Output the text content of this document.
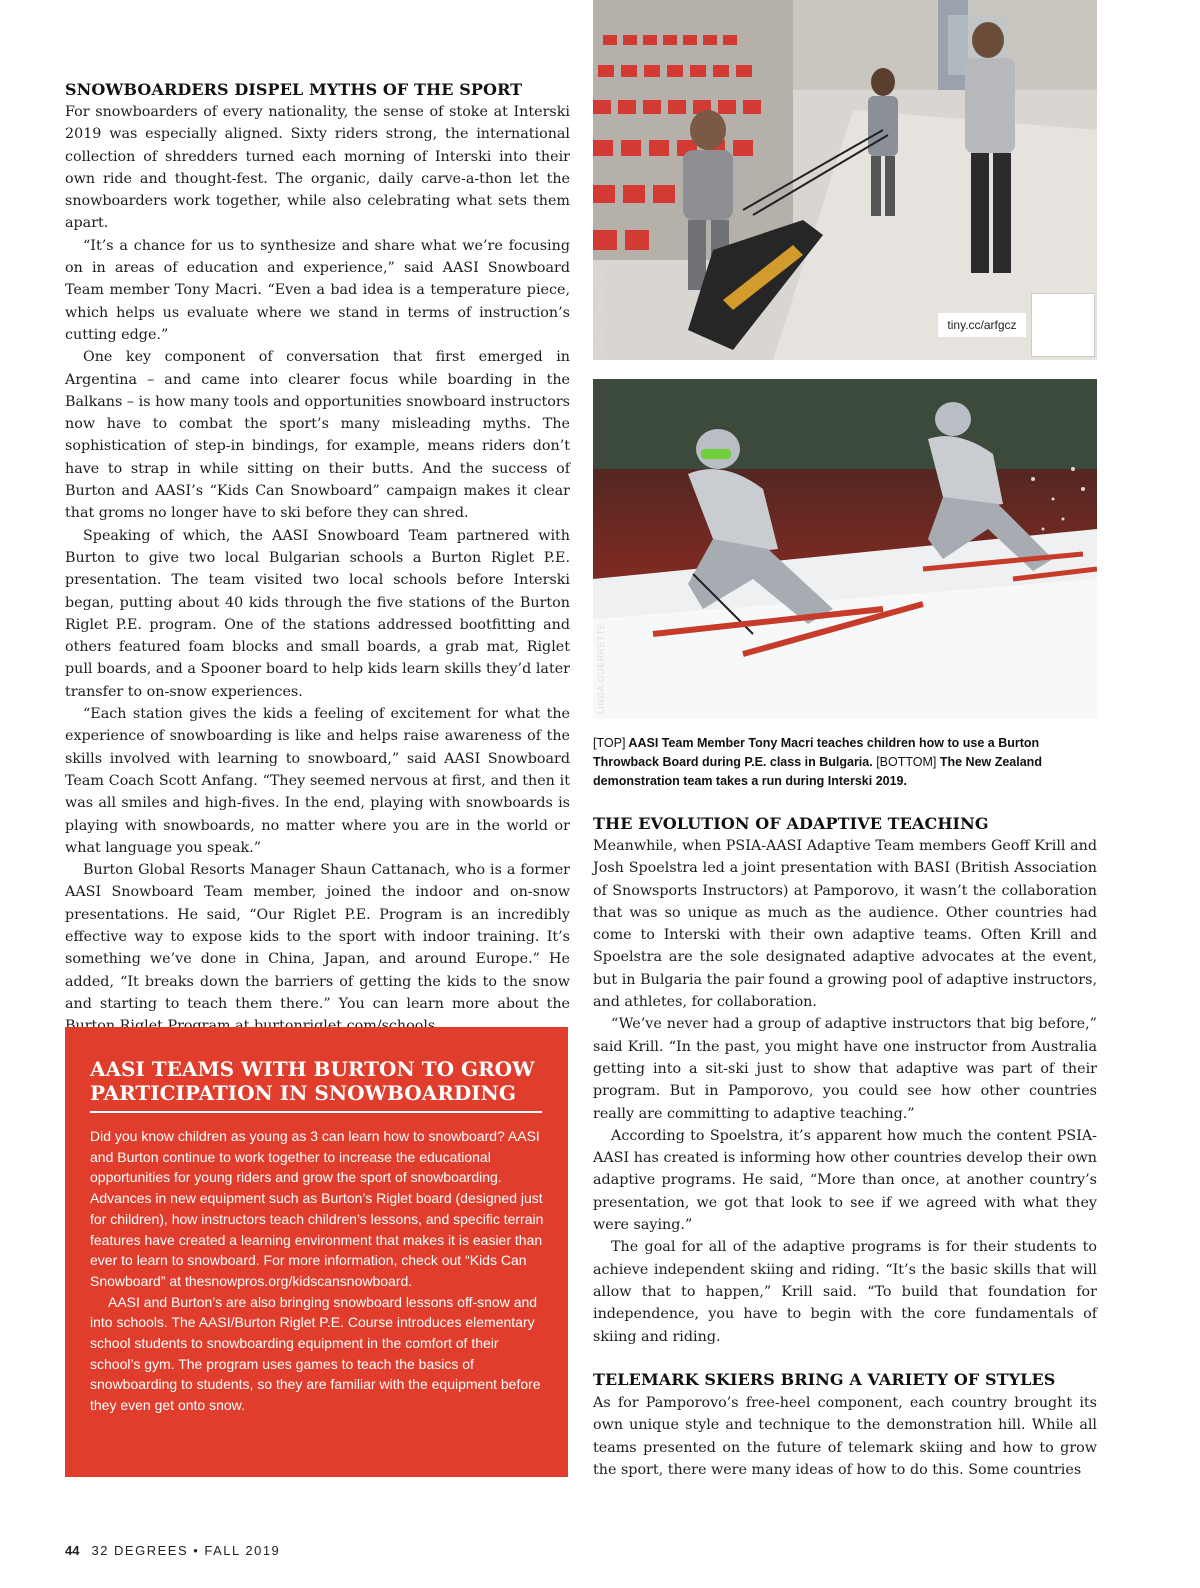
SNOWBOARDERS DISPEL MYTHS OF THE SPORT

For snowboarders of every nationality, the sense of stoke at Interski 2019 was especially aligned. Sixty riders strong, the international collection of shredders turned each morning of Interski into their own ride and thought-fest. The organic, daily carve-a-thon let the snowboarders work together, while also celebrating what sets them apart.

“It’s a chance for us to synthesize and share what we’re focusing on in areas of education and experience,” said AASI Snowboard Team member Tony Macri. “Even a bad idea is a temperature piece, which helps us evaluate where we stand in terms of instruction’s cutting edge.”

One key component of conversation that first emerged in Argentina – and came into clearer focus while boarding in the Balkans – is how many tools and opportunities snowboard instructors now have to combat the sport’s many misleading myths. The sophistication of step-in bindings, for example, means riders don’t have to strap in while sitting on their butts. And the success of Burton and AASI’s “Kids Can Snowboard” campaign makes it clear that groms no longer have to ski before they can shred.

Speaking of which, the AASI Snowboard Team partnered with Burton to give two local Bulgarian schools a Burton Riglet P.E. presentation. The team visited two local schools before Interski began, putting about 40 kids through the five stations of the Burton Riglet P.E. program. One of the stations addressed bootfitting and others featured foam blocks and small boards, a grab mat, Riglet pull boards, and a Spooner board to help kids learn skills they’d later transfer to on-snow experiences.

“Each station gives the kids a feeling of excitement for what the experience of snowboarding is like and helps raise awareness of the skills involved with learning to snowboard,” said AASI Snowboard Team Coach Scott Anfang. “They seemed nervous at first, and then it was all smiles and high-fives. In the end, playing with snowboards is playing with snowboards, no matter where you are in the world or what language you speak.”

Burton Global Resorts Manager Shaun Cattanach, who is a former AASI Snowboard Team member, joined the indoor and on-snow presentations. He said, “Our Riglet P.E. Program is an incredibly effective way to expose kids to the sport with indoor training. It’s something we’ve done in China, Japan, and around Europe.” He added, “It breaks down the barriers of getting the kids to the snow and starting to teach them there.” You can learn more about the

AASI TEAMS WITH BURTON TO GROW PARTICIPATION IN SNOWBOARDING

Did you know children as young as 3 can learn how to snowboard? AASI and Burton continue to work together to increase the educational opportunities for young riders and grow the sport of snowboarding. Advances in new equipment such as Burton’s Riglet board (designed just for children), how instructors teach children’s lessons, and specific terrain features have created a learning environment that makes it is easier than ever to learn to snowboard. For more information, check out “Kids Can Snowboard” at thesnowpros.org/kidscansnowboard.

AASI and Burton’s are also bringing snowboard lessons off-snow and into schools. The AASI/Burton Riglet P.E. Course introduces elementary school students to snowboarding equipment in the comfort of their school’s gym. The program uses games to teach the basics of snowboarding to students, so they are familiar with the equipment before they even get onto snow.

DAVE SCHUHLING	tiny.cc/arfgcz
LINDA GUERRETTE
[TOP] AASI Team Member Tony Macri teaches children how to use a Burton Throwback Board during P.E. class in Bulgaria. [BOTTOM] The New Zealand demonstration team takes a run during Interski 2019.
THE EVOLUTION OF ADAPTIVE TEACHING

Meanwhile, when PSIA-AASI Adaptive Team members Geoff Krill and Josh Spoelstra led a joint presentation with BASI (British Association of Snowsports Instructors) at Pamporovo, it wasn’t the collaboration that was so unique as much as the audience. Other countries had come to Interski with their own adaptive teams. Often Krill and Spoelstra are the sole designated adaptive advocates at the event, but in Bulgaria the pair found a growing pool of adaptive instructors, and athletes, for collaboration.

“We’ve never had a group of adaptive instructors that big before,” said Krill. “In the past, you might have one instructor from Australia getting into a sit-ski just to show that adaptive was part of their program. But in Pamporovo, you could see how other countries really are committing to adaptive teaching.”

According to Spoelstra, it’s apparent how much the content PSIA-AASI has created is informing how other countries develop their own adaptive programs. He said, “More than once, at another country’s presentation, we got that look to see if we agreed with what they were saying.”

The goal for all of the adaptive programs is for their students to achieve independent skiing and riding. “It’s the basic skills that will allow that to happen,” Krill said. “To build that foundation for independence, you have to begin with the core fundamentals of skiing and riding.

TELEMARK SKIERS BRING A VARIETY OF STYLES

As for Pamporovo’s free-heel component, each country brought its own unique style and technique to the demonstration hill. While all teams presented on the future of telemark skiing and how to grow the sport, there were many ideas of how to do this. Some countries

44 32 DEGREES • FALL 2019
